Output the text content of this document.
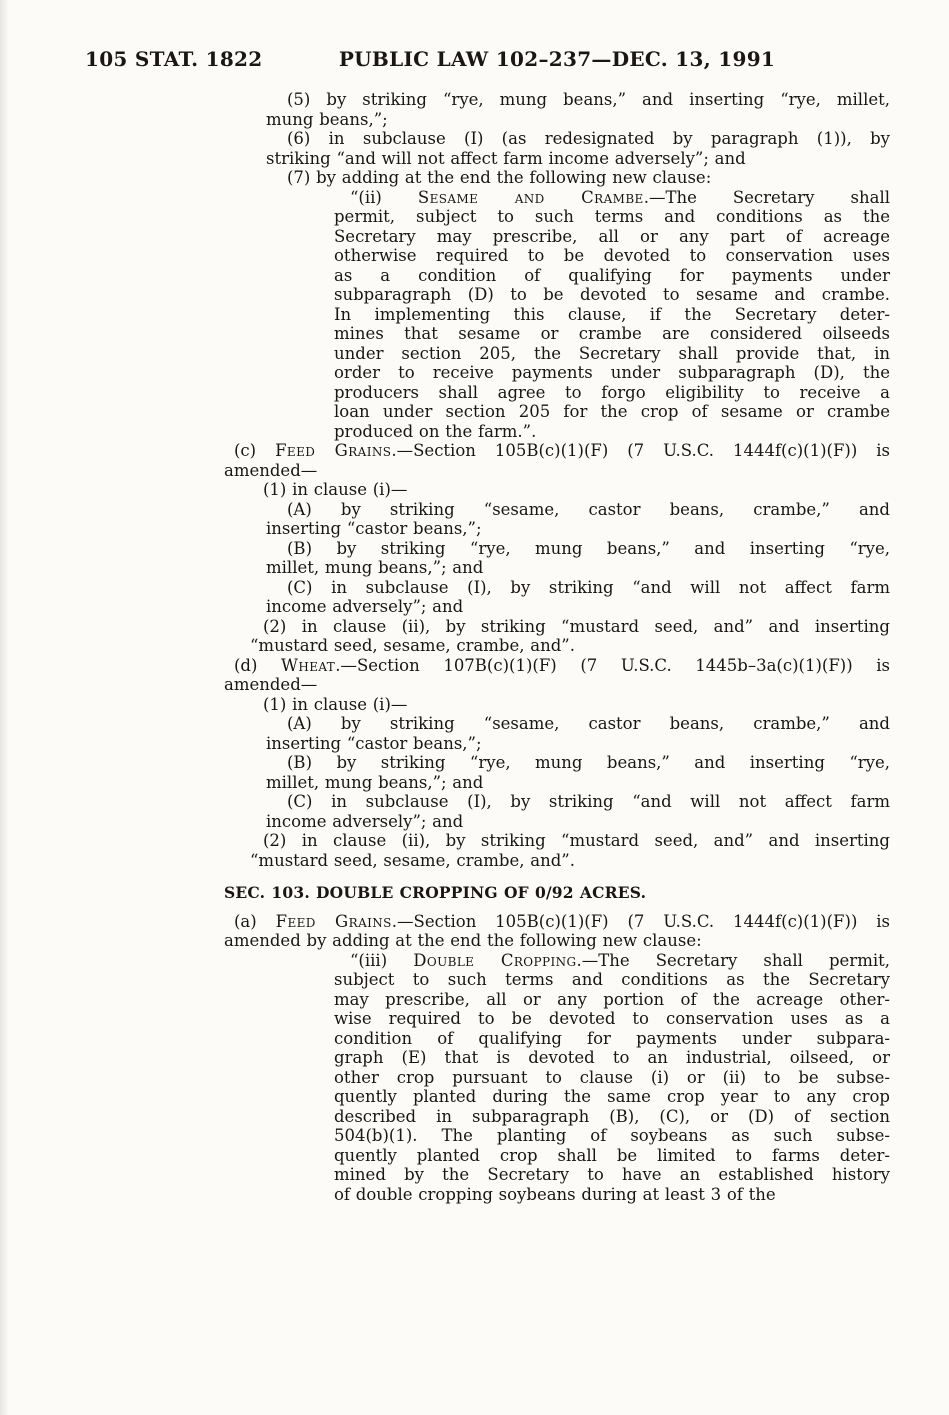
105 STAT. 1822	PUBLIC LAW 102–237—DEC. 13, 1991
(5) by striking “rye, mung beans,” and inserting “rye, millet,
mung beans,”;
(6) in subclause (I) (as redesignated by paragraph (1)), by
striking “and will not affect farm income adversely”; and
(7) by adding at the end the following new clause:
“(ii) Sesame and Crambe.—The Secretary shall
permit, subject to such terms and conditions as the
Secretary may prescribe, all or any part of acreage
otherwise required to be devoted to conservation uses
as a condition of qualifying for payments under
subparagraph (D) to be devoted to sesame and crambe.
In implementing this clause, if the Secretary deter-
mines that sesame or crambe are considered oilseeds
under section 205, the Secretary shall provide that, in
order to receive payments under subparagraph (D), the
producers shall agree to forgo eligibility to receive a
loan under section 205 for the crop of sesame or crambe
produced on the farm.”.
(c) Feed Grains.—Section 105B(c)(1)(F) (7 U.S.C. 1444f(c)(1)(F)) is
amended—
(1) in clause (i)—
(A) by striking “sesame, castor beans, crambe,” and
inserting “castor beans,”;
(B) by striking “rye, mung beans,” and inserting “rye,
millet, mung beans,”; and
(C) in subclause (I), by striking “and will not affect farm
income adversely”; and
(2) in clause (ii), by striking “mustard seed, and” and inserting
“mustard seed, sesame, crambe, and”.
(d) Wheat.—Section 107B(c)(1)(F) (7 U.S.C. 1445b–3a(c)(1)(F)) is
amended—
(1) in clause (i)—
(A) by striking “sesame, castor beans, crambe,” and
inserting “castor beans,”;
(B) by striking “rye, mung beans,” and inserting “rye,
millet, mung beans,”; and
(C) in subclause (I), by striking “and will not affect farm
income adversely”; and
(2) in clause (ii), by striking “mustard seed, and” and inserting
“mustard seed, sesame, crambe, and”.
SEC. 103. DOUBLE CROPPING OF 0/92 ACRES.
(a) Feed Grains.—Section 105B(c)(1)(F) (7 U.S.C. 1444f(c)(1)(F)) is
amended by adding at the end the following new clause:
“(iii) Double Cropping.—The Secretary shall permit,
subject to such terms and conditions as the Secretary
may prescribe, all or any portion of the acreage other-
wise required to be devoted to conservation uses as a
condition of qualifying for payments under subpara-
graph (E) that is devoted to an industrial, oilseed, or
other crop pursuant to clause (i) or (ii) to be subse-
quently planted during the same crop year to any crop
described in subparagraph (B), (C), or (D) of section
504(b)(1). The planting of soybeans as such subse-
quently planted crop shall be limited to farms deter-
mined by the Secretary to have an established history
of double cropping soybeans during at least 3 of the
